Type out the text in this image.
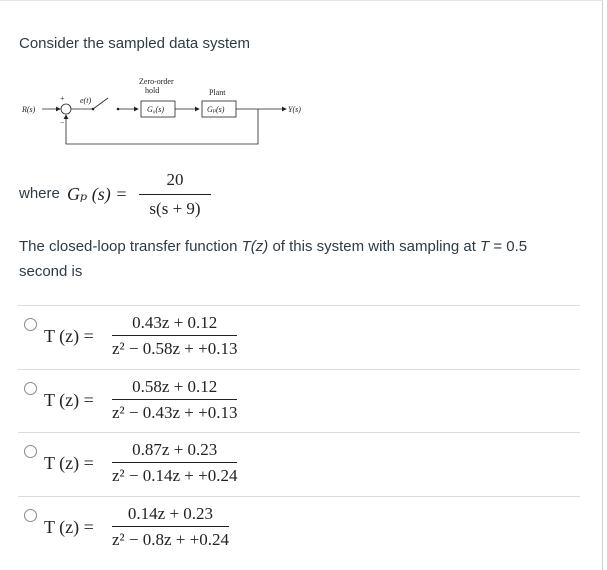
Consider the sampled data system
R(s)
+
−
e(t)
Zero-order
hold
G₀(s)
Plant
Gₚ(s)	Y(s)
where Gₚ (s) =
20
s(s + 9)
The closed-loop transfer function T(z) of this system with sampling at T = 0.5 second is
T (z) =
0.43z + 0.12
z² − 0.58z + +0.13
T (z) =
0.58z + 0.12
z² − 0.43z + +0.13
T (z) =
0.87z + 0.23
z² − 0.14z + +0.24
T (z) =
0.14z + 0.23
z² − 0.8z + +0.24
